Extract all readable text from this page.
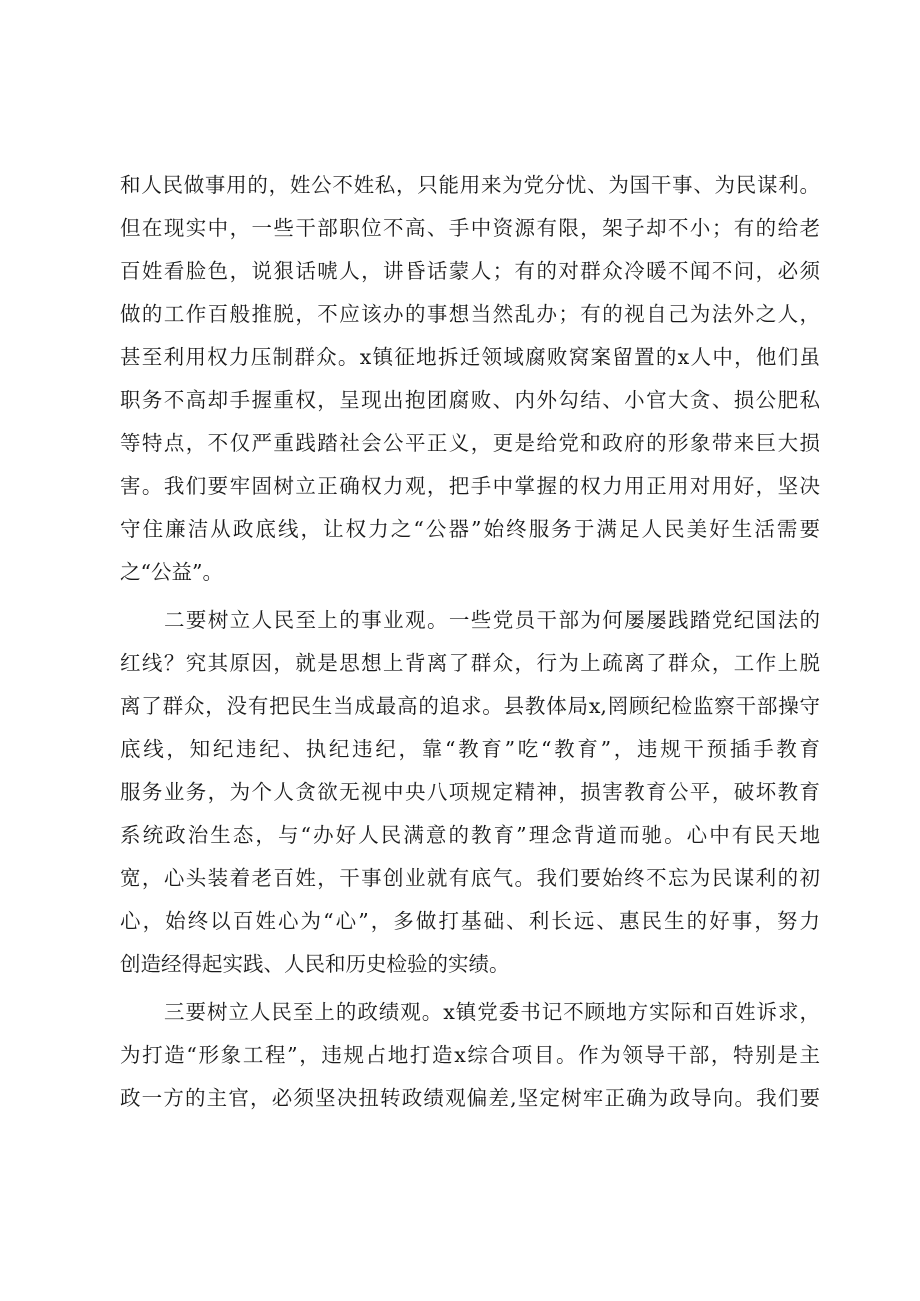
和人民做事用的，姓公不姓私，只能用来为党分忧、为国干事、为民谋利。
但在现实中，一些干部职位不高、手中资源有限，架子却不小；有的给老
百姓看脸色，说狠话唬人，讲昏话蒙人；有的对群众冷暖不闻不问，必须
做的工作百般推脱，不应该办的事想当然乱办；有的视自己为法外之人，
甚至利用权力压制群众。x镇征地拆迁领域腐败窝案留置的x人中，他们虽
职务不高却手握重权，呈现出抱团腐败、内外勾结、小官大贪、损公肥私
等特点，不仅严重践踏社会公平正义，更是给党和政府的形象带来巨大损
害。我们要牢固树立正确权力观，把手中掌握的权力用正用对用好，坚决
守住廉洁从政底线，让权力之“公器”始终服务于满足人民美好生活需要
之“公益”。
二要树立人民至上的事业观。一些党员干部为何屡屡践踏党纪国法的
红线？究其原因，就是思想上背离了群众，行为上疏离了群众，工作上脱
离了群众，没有把民生当成最高的追求。县教体局x,罔顾纪检监察干部操守
底线，知纪违纪、执纪违纪，靠“教育”吃“教育”，违规干预插手教育
服务业务，为个人贪欲无视中央八项规定精神，损害教育公平，破坏教育
系统政治生态，与“办好人民满意的教育”理念背道而驰。心中有民天地
宽，心头装着老百姓，干事创业就有底气。我们要始终不忘为民谋利的初
心，始终以百姓心为“心”，多做打基础、利长远、惠民生的好事，努力
创造经得起实践、人民和历史检验的实绩。
三要树立人民至上的政绩观。x镇党委书记不顾地方实际和百姓诉求，
为打造“形象工程”，违规占地打造x综合项目。作为领导干部，特别是主
政一方的主官，必须坚决扭转政绩观偏差,坚定树牢正确为政导向。我们要
